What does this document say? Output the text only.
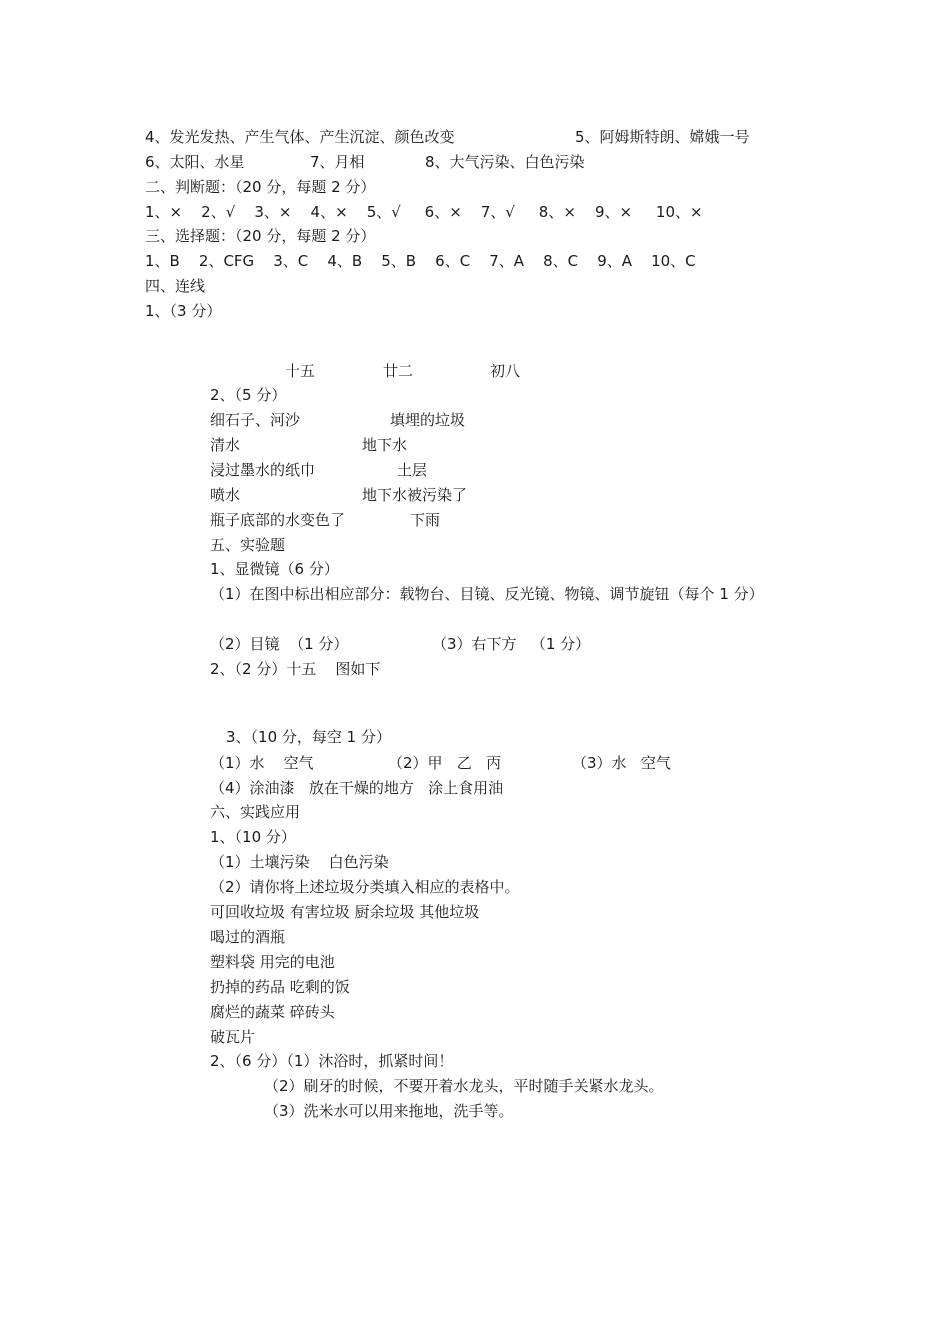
4、发光发热、产生气体、产生沉淀、颜色改变	5、阿姆斯特朗、嫦娥一号
6、太阳、水星	7、月相	8、大气污染、白色污染
二、判断题：（20 分，每题 2 分）
1、×    2、√    3、×    4、×    5、√     6、×    7、√     8、×    9、×     10、×
三、选择题：（20 分，每题 2 分）
1、B    2、CFG    3、C    4、B    5、B    6、C    7、A    8、C    9、A    10、C
四、连线
1、（3 分）
十五	廿二	初八
2、（5 分）
细石子、河沙	填埋的垃圾
清水	地下水
浸过墨水的纸巾	土层
喷水	地下水被污染了
瓶子底部的水变色了	下雨
五、实验题
1、显微镜（6 分）
（1）在图中标出相应部分：载物台、目镜、反光镜、物镜、调节旋钮（每个 1 分）
（2）目镜  （1 分）	（3）右下方   （1 分）
2、（2 分）十五    图如下
3、（10 分，每空 1 分）
（1）水    空气	（2）甲   乙   丙	（3）水   空气
（4）涂油漆   放在干燥的地方   涂上食用油
六、实践应用
1、（10 分）
（1）土壤污染    白色污染
（2）请你将上述垃圾分类填入相应的表格中。
可回收垃圾 有害垃圾 厨余垃圾 其他垃圾
喝过的酒瓶
塑料袋 用完的电池
扔掉的药品 吃剩的饭
腐烂的蔬菜 碎砖头
破瓦片
2、（6 分）（1）沐浴时，抓紧时间！
（2）刷牙的时候，不要开着水龙头，平时随手关紧水龙头。
（3）洗米水可以用来拖地，洗手等。
